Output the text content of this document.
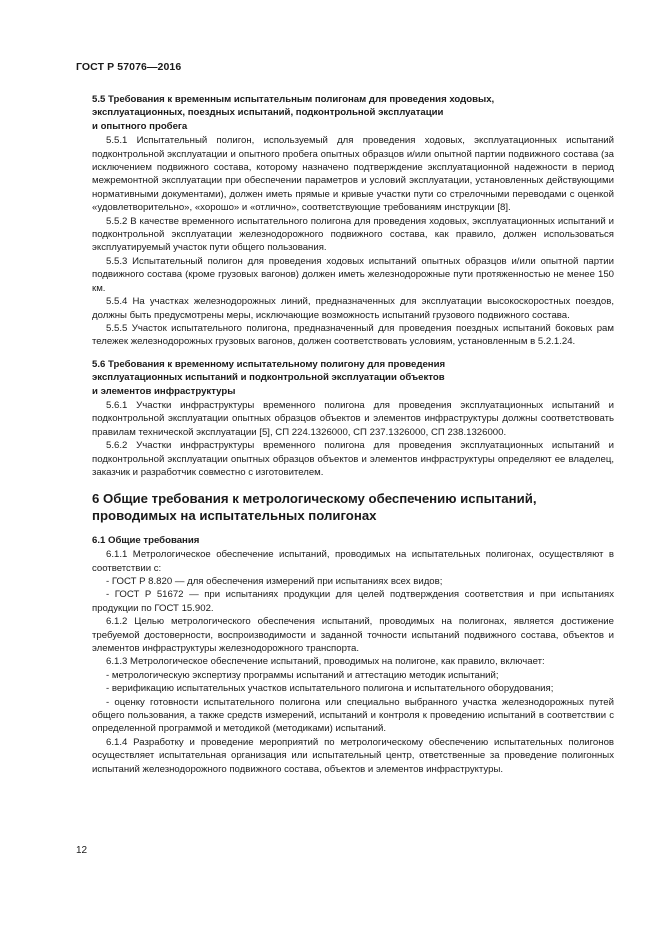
ГОСТ Р 57076—2016
5.5 Требования к временным испытательным полигонам для проведения ходовых,
эксплуатационных, поездных испытаний, подконтрольной эксплуатации
и опытного пробега

5.5.1 Испытательный полигон, используемый для проведения ходовых, эксплуатационных испытаний подконтрольной эксплуатации и опытного пробега опытных образцов и/или опытной партии подвижного состава (за исключением подвижного состава, которому назначено подтверждение эксплуатационной надежности в период межремонтной эксплуатации при обеспечении параметров и условий эксплуатации, установленных действующими нормативными документами), должен иметь прямые и кривые участки пути со стрелочными переводами с оценкой «удовлетворительно», «хорошо» и «отлично», соответствующие требованиям инструкции [8].

5.5.2 В качестве временного испытательного полигона для проведения ходовых, эксплуатационных испытаний и подконтрольной эксплуатации железнодорожного подвижного состава, как правило, должен использоваться эксплуатируемый участок пути общего пользования.

5.5.3 Испытательный полигон для проведения ходовых испытаний опытных образцов и/или опытной партии подвижного состава (кроме грузовых вагонов) должен иметь железнодорожные пути протяженностью не менее 150 км.

5.5.4 На участках железнодорожных линий, предназначенных для эксплуатации высокоскоростных поездов, должны быть предусмотрены меры, исключающие возможность испытаний грузового подвижного состава.

5.5.5 Участок испытательного полигона, предназначенный для проведения поездных испытаний боковых рам тележек железнодорожных грузовых вагонов, должен соответствовать условиям, установленным в 5.2.1.24.

5.6 Требования к временному испытательному полигону для проведения
эксплуатационных испытаний и подконтрольной эксплуатации объектов
и элементов инфраструктуры

5.6.1 Участки инфраструктуры временного полигона для проведения эксплуатационных испытаний и подконтрольной эксплуатации опытных образцов объектов и элементов инфраструктуры должны соответствовать правилам технической эксплуатации [5], СП 224.1326000, СП 237.1326000, СП 238.1326000.

5.6.2 Участки инфраструктуры временного полигона для проведения эксплуатационных испытаний и подконтрольной эксплуатации опытных образцов объектов и элементов инфраструктуры определяют ее владелец, заказчик и разработчик совместно с изготовителем.

6 Общие требования к метрологическому обеспечению испытаний,
проводимых на испытательных полигонах
6.1 Общие требования

6.1.1 Метрологическое обеспечение испытаний, проводимых на испытательных полигонах, осуществляют в соответствии с:

- ГОСТ Р 8.820 — для обеспечения измерений при испытаниях всех видов;

- ГОСТ Р 51672 — при испытаниях продукции для целей подтверждения соответствия и при испытаниях продукции по ГОСТ 15.902.

6.1.2 Целью метрологического обеспечения испытаний, проводимых на полигонах, является достижение требуемой достоверности, воспроизводимости и заданной точности испытаний подвижного состава, объектов и элементов инфраструктуры железнодорожного транспорта.

6.1.3 Метрологическое обеспечение испытаний, проводимых на полигоне, как правило, включает:

- метрологическую экспертизу программы испытаний и аттестацию методик испытаний;

- верификацию испытательных участков испытательного полигона и испытательного оборудования;

- оценку готовности испытательного полигона или специально выбранного участка железнодорожных путей общего пользования, а также средств измерений, испытаний и контроля к проведению испытаний в соответствии с определенной программой и методикой (методиками) испытаний.

6.1.4 Разработку и проведение мероприятий по метрологическому обеспечению испытательных полигонов осуществляет испытательная организация или испытательный центр, ответственные за проведение полигонных испытаний железнодорожного подвижного состава, объектов и элементов инфраструктуры.

12
